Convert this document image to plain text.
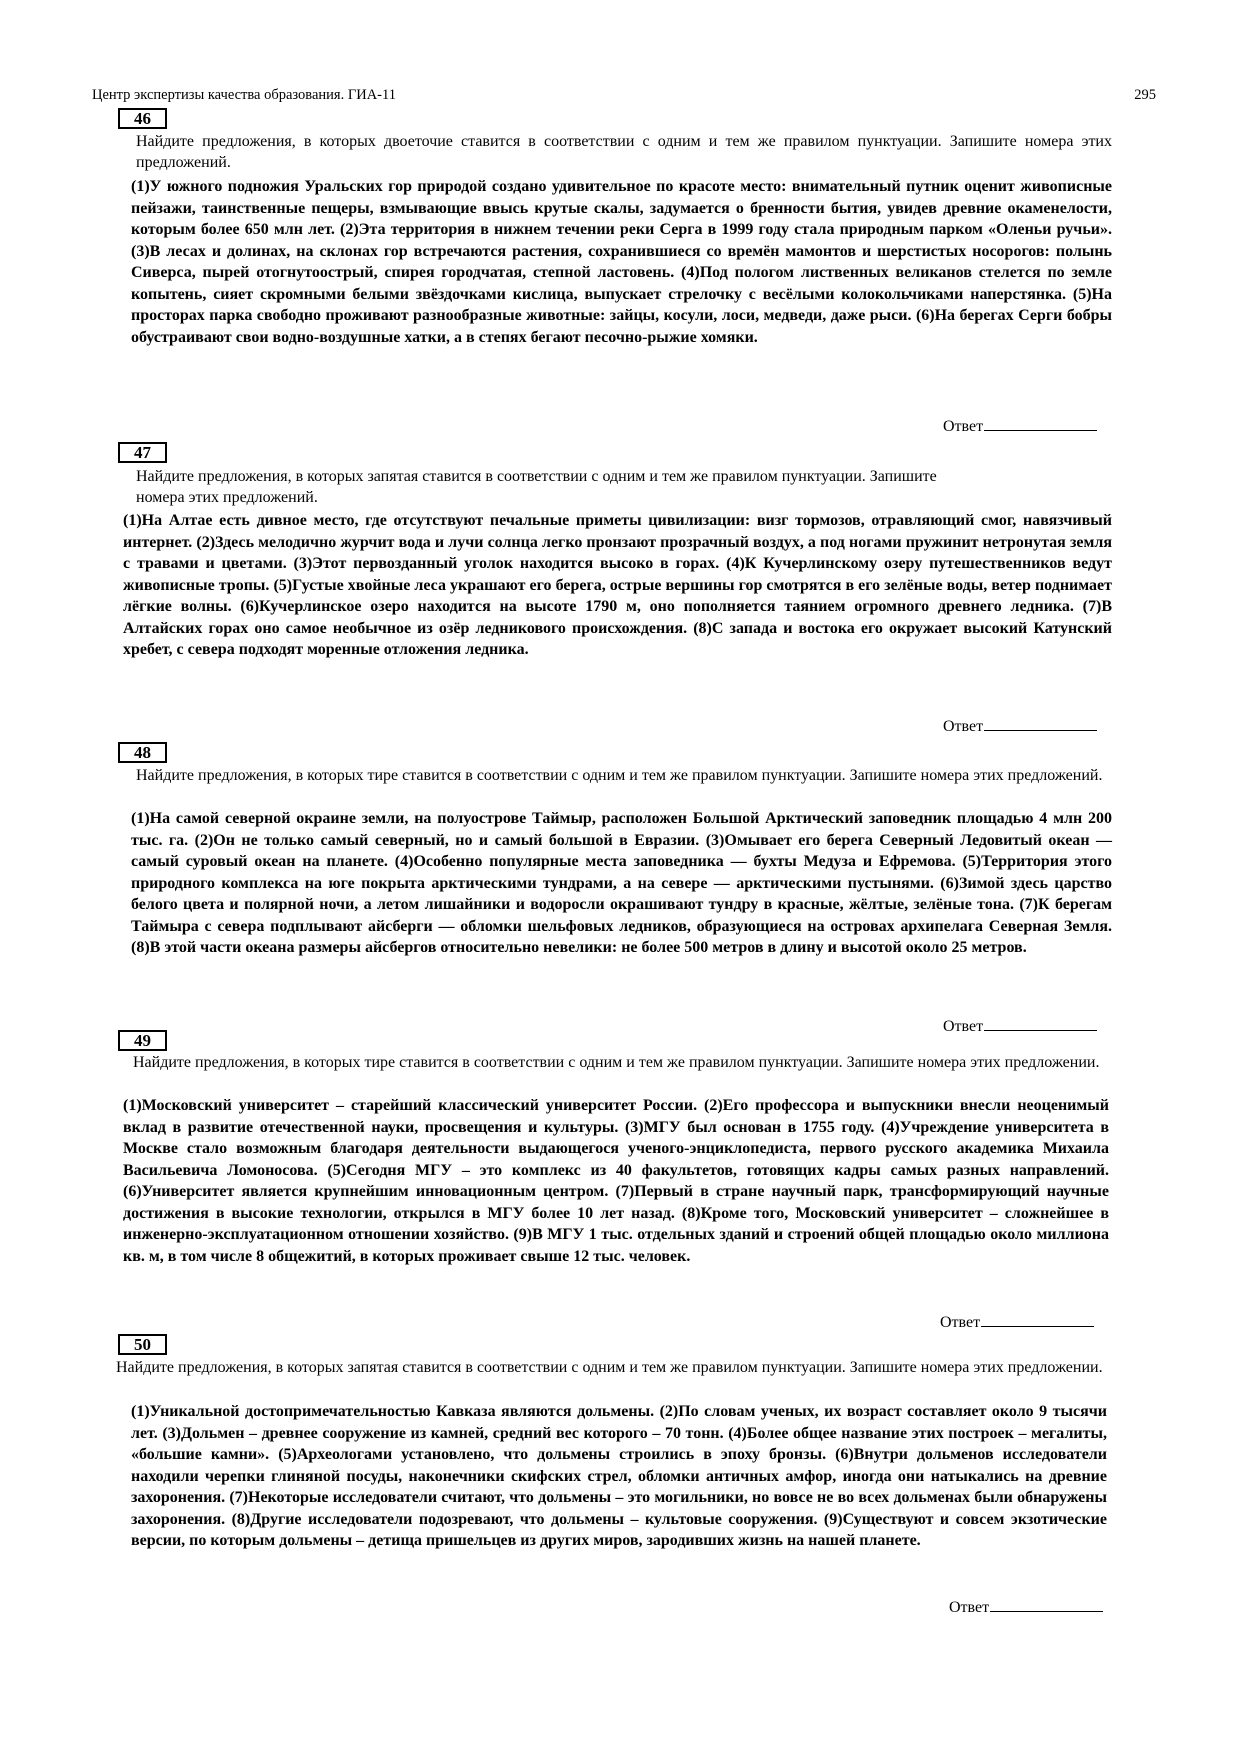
Центр экспертизы качества образования. ГИА-11	295
46
Найдите предложения, в которых двоеточие ставится в соответствии с одним и тем же правилом пунктуации. Запишите номера этих предложений.
(1)У южного подножия Уральских гор природой создано удивительное по красоте место: внимательный путник оценит живописные пейзажи, таинственные пещеры, взмывающие ввысь крутые скалы, задумается о бренности бытия, увидев древние окаменелости, которым более 650 млн лет. (2)Эта территория в нижнем течении реки Серга в 1999 году стала природным парком «Оленьи ручьи». (3)В лесах и долинах, на склонах гор встречаются растения, сохранившиеся со времён мамонтов и шерстистых носорогов: полынь Сиверса, пырей отогнутоострый, спирея городчатая, степной ластовень. (4)Под пологом лиственных великанов стелется по земле копытень, сияет скромными белыми звёздочками кислица, выпускает стрелочку с весёлыми колокольчиками наперстянка. (5)На просторах парка свободно проживают разнообразные животные: зайцы, косули, лоси, медведи, даже рыси. (6)На берегах Серги бобры обустраивают свои водно-воздушные хатки, а в степях бегают песочно-рыжие хомяки.
Ответ
47
Найдите предложения, в которых запятая ставится в соответствии с одним и тем же правилом пунктуации. Запишите номера этих предложений.
(1)На Алтае есть дивное место, где отсутствуют печальные приметы цивилизации: визг тормозов, отравляющий смог, навязчивый интернет. (2)Здесь мелодично журчит вода и лучи солнца легко пронзают прозрачный воздух, а под ногами пружинит нетронутая земля с травами и цветами. (3)Этот первозданный уголок находится высоко в горах. (4)К Кучерлинскому озеру путешественников ведут живописные тропы. (5)Густые хвойные леса украшают его берега, острые вершины гор смотрятся в его зелёные воды, ветер поднимает лёгкие волны. (6)Кучерлинское озеро находится на высоте 1790 м, оно пополняется таянием огромного древнего ледника. (7)В Алтайских горах оно самое необычное из озёр ледникового происхождения. (8)С запада и востока его окружает высокий Катунский хребет, с севера подходят моренные отложения ледника.
Ответ
48
Найдите предложения, в которых тире ставится в соответствии с одним и тем же правилом пунктуации. Запишите номера этих предложений.
(1)На самой северной окраине земли, на полуострове Таймыр, расположен Большой Арктический заповедник площадью 4 млн 200 тыс. га. (2)Он не только самый северный, но и самый большой в Евразии. (3)Омывает его берега Северный Ледовитый океан — самый суровый океан на планете. (4)Особенно популярные места заповедника — бухты Медуза и Ефремова. (5)Территория этого природного комплекса на юге покрыта арктическими тундрами, а на севере — арктическими пустынями. (6)Зимой здесь царство белого цвета и полярной ночи, а летом лишайники и водоросли окрашивают тундру в красные, жёлтые, зелёные тона. (7)К берегам Таймыра с севера подплывают айсберги — обломки шельфовых ледников, образующиеся на островах архипелага Северная Земля. (8)В этой части океана размеры айсбергов относительно невелики: не более 500 метров в длину и высотой около 25 метров.
Ответ
49
Найдите предложения, в которых тире ставится в соответствии с одним и тем же правилом пунктуации. Запишите номера этих предложении.
(1)Московский университет – старейший классический университет России. (2)Его профессора и выпускники внесли неоценимый вклад в развитие отечественной науки, просвещения и культуры. (3)МГУ был основан в 1755 году. (4)Учреждение университета в Москве стало возможным благодаря деятельности выдающегося ученого-энциклопедиста, первого русского академика Михаила Васильевича Ломоносова. (5)Сегодня МГУ – это комплекс из 40 факультетов, готовящих кадры самых разных направлений. (6)Университет является крупнейшим инновационным центром. (7)Первый в стране научный парк, трансформирующий научные достижения в высокие технологии, открылся в МГУ более 10 лет назад. (8)Кроме того, Московский университет – сложнейшее в инженерно-эксплуатационном отношении хозяйство. (9)В МГУ 1 тыс. отдельных зданий и строений общей площадью около миллиона кв. м, в том числе 8 общежитий, в которых проживает свыше 12 тыс. человек.
Ответ
50
Найдите предложения, в которых запятая ставится в соответствии с одним и тем же правилом пунктуации. Запишите номера этих предложении.
(1)Уникальной достопримечательностью Кавказа являются дольмены. (2)По словам ученых, их возраст составляет около 9 тысячи лет. (3)Дольмен – древнее сооружение из камней, средний вес которого – 70 тонн. (4)Более общее название этих построек – мегалиты, «большие камни». (5)Археологами установлено, что дольмены строились в эпоху бронзы. (6)Внутри дольменов исследователи находили черепки глиняной посуды, наконечники скифских стрел, обломки античных амфор, иногда они натыкались на древние захоронения. (7)Некоторые исследователи считают, что дольмены – это могильники, но вовсе не во всех дольменах были обнаружены захоронения. (8)Другие исследователи подозревают, что дольмены – культовые сооружения. (9)Существуют и совсем экзотические версии, по которым дольмены – детища пришельцев из других миров, зародивших жизнь на нашей планете.
Ответ
